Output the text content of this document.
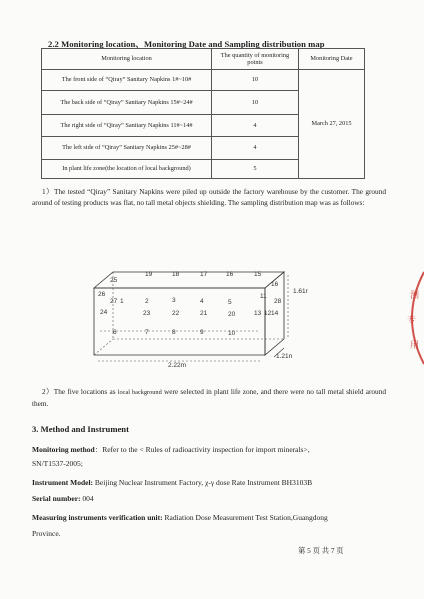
2.2 Monitoring location、Monitoring Date and Sampling distribution map
Monitoring location	The quantity of monitoring points	Monitoring Date
The front side of “Qiray” Sanitary Napkins 1#~10#	10	March 27, 2015
The back side of “Qiray” Sanitary Napkins 15#~24#	10	
The right side of “Qiray” Sanitary Napkins 11#~14#	4	
The left side of “Qiray” Sanitary Napkins 25#~28#	4	
In plant life zone(the location of local background)	5	
1）The tested “Qiray” Sanitary Napkins were piled up outside the factory warehouse by the customer. The ground around of testing products was flat, no tall metal objects shielding. The sampling distribution map was as follows:
25
19	18	17	16	15
16
26
27 1	2	3	4	5
11
28
24	23	22	21	20	13 12 14
6	7	8	9	10
1.61r
2.22m
1.21n
2）The five locations as local background were selected in plant life zone, and there were no tall metal shield around them.
3. Method and Instrument
Monitoring method：Refer to the < Rules of radioactivity inspection for import minerals>,
SN/T1537-2005;
Instrument Model: Beijing Nuclear Instrument Factory, χ-γ dose Rate Instrument BH3103B
Serial number: 004
Measuring instruments verification unit: Radiation Dose Measurement Test Station,Guangdong
Province.
第 5 页 共 7 页
测
专
用
